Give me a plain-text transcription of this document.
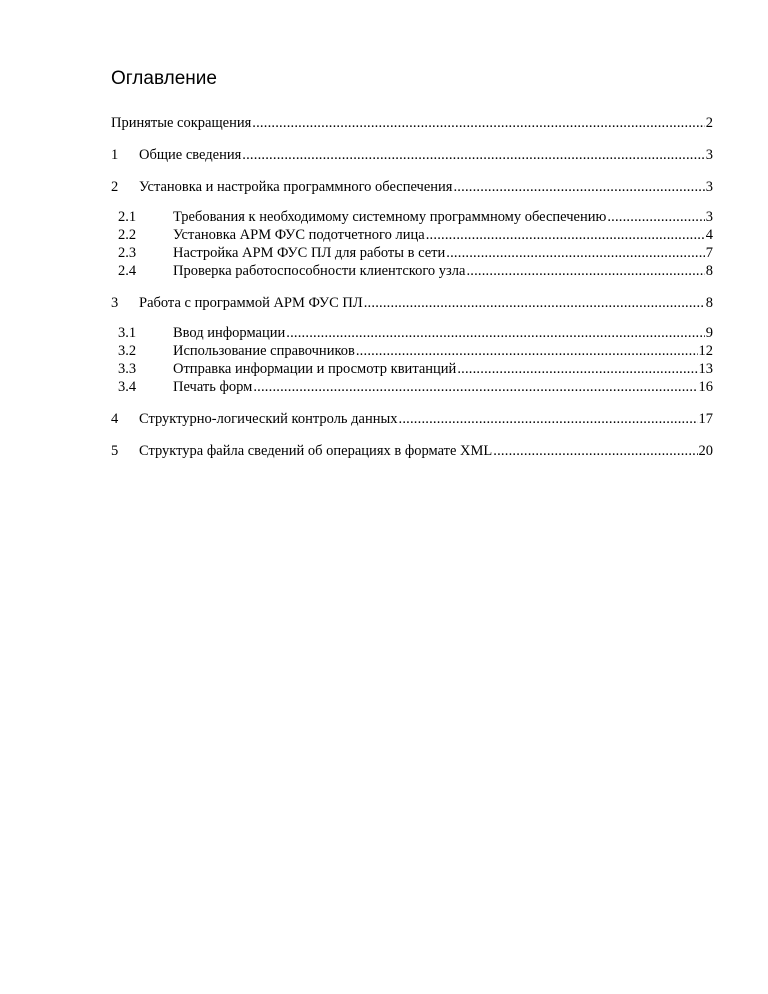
Оглавление
Принятые сокращения .....	2
1	Общие сведения .....	3
2	Установка и настройка программного обеспечения .....	3
2.1	Требования к необходимому системному программному обеспечению .....	3
2.2	Установка АРМ ФУС подотчетного лица .....	4
2.3	Настройка АРМ ФУС ПЛ для работы в сети .....	7
2.4	Проверка работоспособности клиентского узла .....	8
3	Работа с программой АРМ ФУС ПЛ .....	8
3.1	Ввод информации .....	9
3.2	Использование справочников .....	12
3.3	Отправка информации и просмотр квитанций .....	13
3.4	Печать форм .....	16
4	Структурно-логический контроль данных .....	17
5	Структура файла сведений об операциях в формате XML .....	20
